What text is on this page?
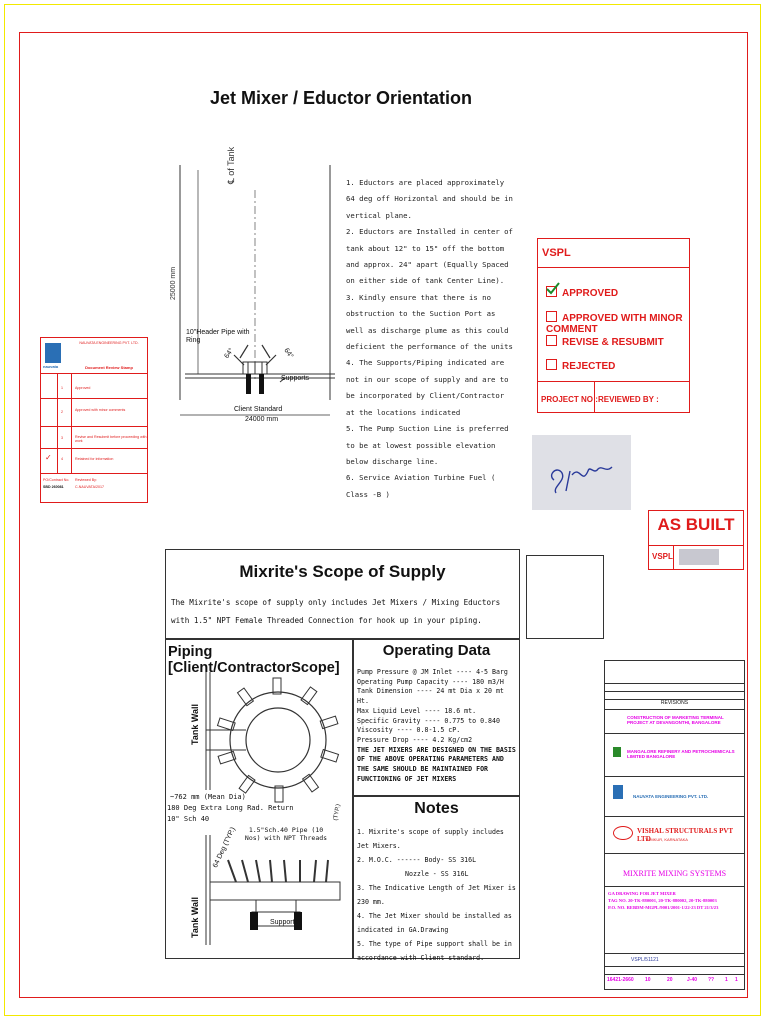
Jet Mixer / Eductor Orientation
℄ of Tank
25000 mm
10"Header Pipe with Ring
64°	64°
Supports
Client Standard
24000 mm
1. Eductors are placed approximately 64 deg off Horizontal and should be in vertical plane.
2. Eductors are Installed in center of tank about 12" to 15" off the bottom and approx. 24" apart (Equally Spaced on either side of tank Center Line).
3. Kindly ensure that there is no obstruction to the Suction Port as well as discharge plume as this could deficient the performance of the units
4. The Supports/Piping indicated are not in our scope of supply and are to be incorporated by Client/Contractor at the locations indicated
5. The Pump Suction Line is preferred to be at lowest possible elevation below discharge line.
6. Service Aviation Turbine Fuel ( Class -B )
VSPL
APPROVED
APPROVED WITH MINOR COMMENT
REVISE & RESUBMIT
REJECTED
PROJECT NO : REVIEWED BY :
AS BUILT
VSPL
nauvata
NAUVATA ENGINEERING PVT. LTD.
Document Review Stamp
1	Approved
2	Approved with minor comments
3	Revise and Resubmit before proceeding with work
✓	4	Retained for information
PO/Contract No.
SBD 260081
Reviewed By:
C-NAUVATA/2017
Mixrite's Scope of Supply
The Mixrite's scope of supply only includes Jet Mixers / Mixing Eductors with 1.5" NPT Female Threaded Connection for hook up in your piping.
Piping [Client/ContractorScope]
Tank Wall
Tank Wall
~762 mm (Mean Dia)
180 Deg Extra Long Rad. Return
10" Sch 40	(TYP.)
1.5"Sch.40 Pipe (10 Nos) with NPT Threads
64 Deg (TYP.)
Supports
Operating Data
Pump Pressure @ JM Inlet ---- 4-5 Barg
Operating Pump Capacity ---- 180 m3/H
Tank Dimension ---- 24 mt Dia x 20 mt Ht.
Max Liquid Level ---- 18.6 mt.
Specific Gravity ---- 0.775 to 0.840
Viscosity ---- 0.8-1.5 cP.
Pressure Drop ---- 4.2 Kg/cm2
THE JET MIXERS ARE DESIGNED ON THE BASIS OF THE ABOVE OPERATING PARAMETERS AND THE SAME SHOULD BE MAINTAINED FOR FUNCTIONING OF JET MIXERS
Notes
1. Mixrite's scope of supply includes Jet Mixers.
2. M.O.C. ------ Body- SS 316L
Nozzle - SS 316L
3. The Indicative Length of Jet Mixer is 230 mm.
4. The Jet Mixer should be installed as indicated in GA.Drawing
5. The type of Pipe support shall be in accordance with Client standard.
REVISIONS
CONSTRUCTION OF MARKETING TERMINAL PROJECT AT DEVANGONTHI, BANGALORE
MANGALORE REFINERY AND PETROCHEMICALS LIMITED BANGALORE
NAUVATA ENGINEERING PVT. LTD.
VISHAL STRUCTURALS PVT LTD
TUMKUR, KARNATAKA
MIXRITE MIXING SYSTEMS
GA DRAWING FOR JET MIXER
TAG NO. 20-TK-880001, 20-TK-880002, 20-TK-880003
P.O. NO. REBDM-MGPL/9001/2001-1/22-23 DT 21/3/23
VSPL/51121
16421-2660 10	20	J-40 ?? 1 1
